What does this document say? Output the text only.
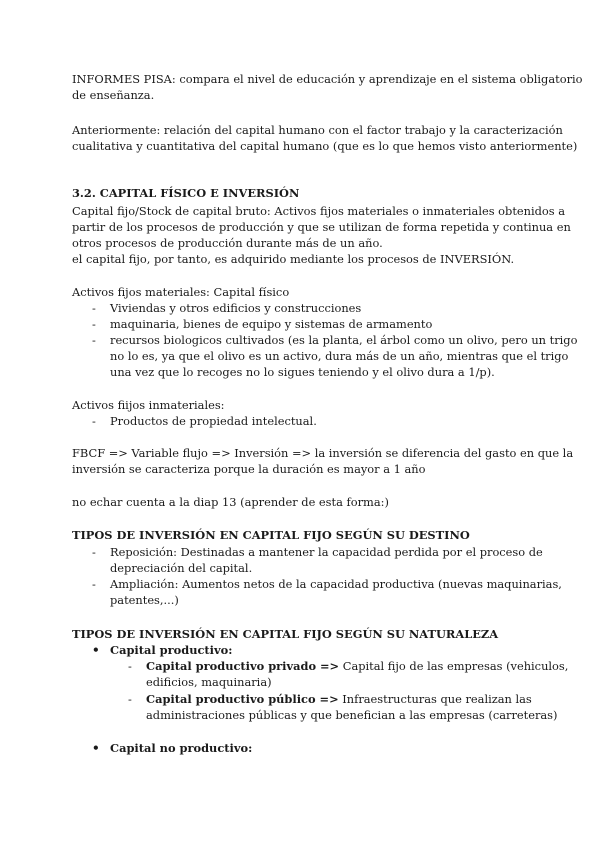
INFORMES PISA: compara el nivel de educación y aprendizaje en el sistema obligatorio
de enseñanza.
Anteriormente: relación del capital humano con el factor trabajo y la caracterización
cualitativa y cuantitativa del capital humano (que es lo que hemos visto anteriormente)
3.2. CAPITAL FÍSICO E INVERSIÓN
Capital fijo/Stock de capital bruto: Activos fijos materiales o inmateriales obtenidos a
partir de los procesos de producción y que se utilizan de forma repetida y continua en
otros procesos de producción durante más de un año.
el capital fijo, por tanto, es adquirido mediante los procesos de INVERSIÓN.
Activos fijos materiales: Capital físico
- Viviendas y otros edificios y construcciones
- maquinaria, bienes de equipo y sistemas de armamento
- recursos biologicos cultivados (es la planta, el árbol como un olivo, pero un trigo
no lo es, ya que el olivo es un activo, dura más de un año, mientras que el trigo
una vez que lo recoges no lo sigues teniendo y el olivo dura a 1/p).
Activos fiijos inmateriales:
- Productos de propiedad intelectual.
FBCF => Variable flujo => Inversión => la inversión se diferencia del gasto en que la
inversión se caracteriza porque la duración es mayor a 1 año
no echar cuenta a la diap 13 (aprender de esta forma:)
TIPOS DE INVERSIÓN EN CAPITAL FIJO SEGÚN SU DESTINO
- Reposición: Destinadas a mantener la capacidad perdida por el proceso de
depreciación del capital.
- Ampliación: Aumentos netos de la capacidad productiva (nuevas maquinarias,
patentes,...)
TIPOS DE INVERSIÓN EN CAPITAL FIJO SEGÚN SU NATURALEZA
• Capital productivo:
- Capital productivo privado => Capital fijo de las empresas (vehiculos,
edificios, maquinaria)
- Capital productivo público => Infraestructuras que realizan las
administraciones públicas y que benefician a las empresas (carreteras)
• Capital no productivo:
